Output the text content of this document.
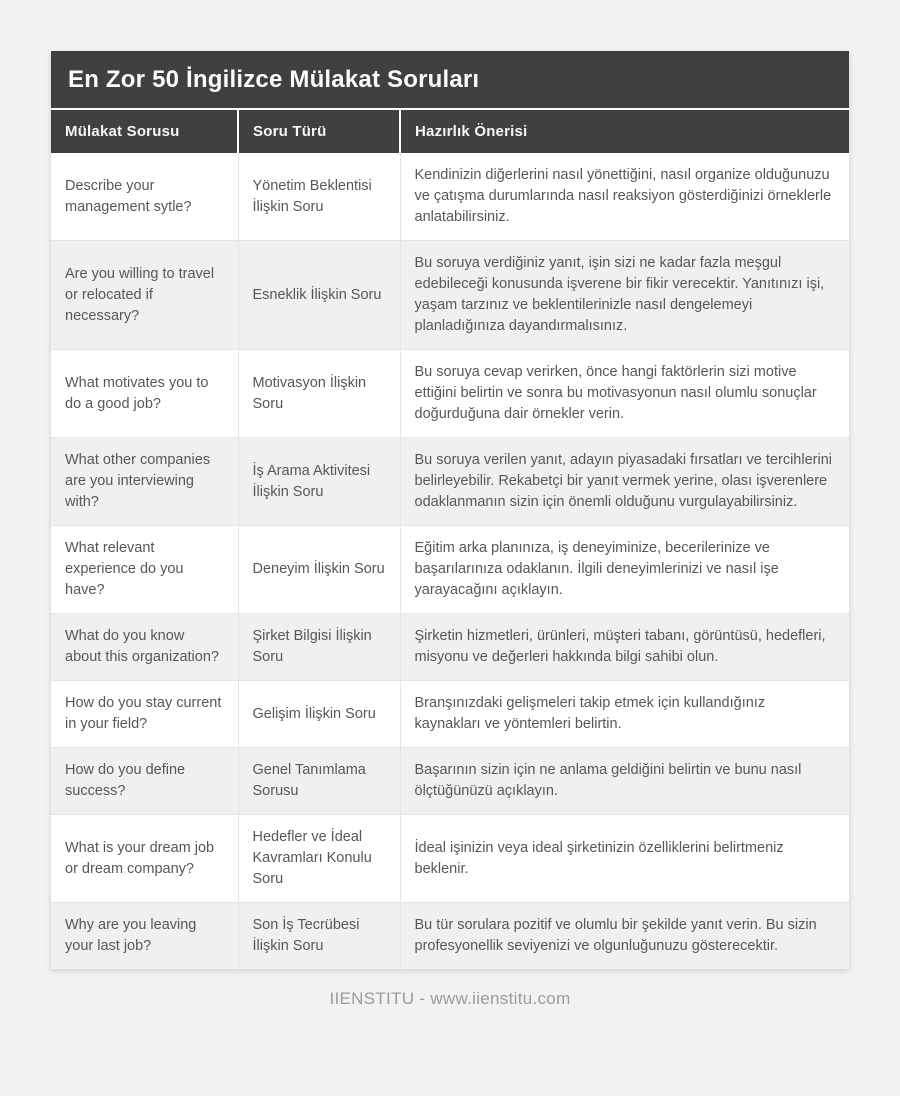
En Zor 50 İngilizce Mülakat Soruları
Mülakat Sorusu	Soru Türü	Hazırlık Önerisi
Describe your management sytle?	Yönetim Beklentisi İlişkin Soru	Kendinizin diğerlerini nasıl yönettiğini, nasıl organize olduğunuzu ve çatışma durumlarında nasıl reaksiyon gösterdiğinizi örneklerle anlatabilirsiniz.
Are you willing to travel or relocated if necessary?	Esneklik İlişkin Soru	Bu soruya verdiğiniz yanıt, işin sizi ne kadar fazla meşgul edebileceği konusunda işverene bir fikir verecektir. Yanıtınızı işi, yaşam tarzınız ve beklentilerinizle nasıl dengelemeyi planladığınıza dayandırmalısınız.
What motivates you to do a good job?	Motivasyon İlişkin Soru	Bu soruya cevap verirken, önce hangi faktörlerin sizi motive ettiğini belirtin ve sonra bu motivasyonun nasıl olumlu sonuçlar doğurduğuna dair örnekler verin.
What other companies are you interviewing with?	İş Arama Aktivitesi İlişkin Soru	Bu soruya verilen yanıt, adayın piyasadaki fırsatları ve tercihlerini belirleyebilir. Rekabetçi bir yanıt vermek yerine, olası işverenlere odaklanmanın sizin için önemli olduğunu vurgulayabilirsiniz.
What relevant experience do you have?	Deneyim İlişkin Soru	Eğitim arka planınıza, iş deneyiminize, becerilerinize ve başarılarınıza odaklanın. İlgili deneyimlerinizi ve nasıl işe yarayacağını açıklayın.
What do you know about this organization?	Şirket Bilgisi İlişkin Soru	Şirketin hizmetleri, ürünleri, müşteri tabanı, görüntüsü, hedefleri, misyonu ve değerleri hakkında bilgi sahibi olun.
How do you stay current in your field?	Gelişim İlişkin Soru	Branşınızdaki gelişmeleri takip etmek için kullandığınız kaynakları ve yöntemleri belirtin.
How do you define success?	Genel Tanımlama Sorusu	Başarının sizin için ne anlama geldiğini belirtin ve bunu nasıl ölçtüğünüzü açıklayın.
What is your dream job or dream company?	Hedefler ve İdeal Kavramları Konulu Soru	İdeal işinizin veya ideal şirketinizin özelliklerini belirtmeniz beklenir.
Why are you leaving your last job?	Son İş Tecrübesi İlişkin Soru	Bu tür sorulara pozitif ve olumlu bir şekilde yanıt verin. Bu sizin profesyonellik seviyenizi ve olgunluğunuzu gösterecektir.
IIENSTITU - www.iienstitu.com
